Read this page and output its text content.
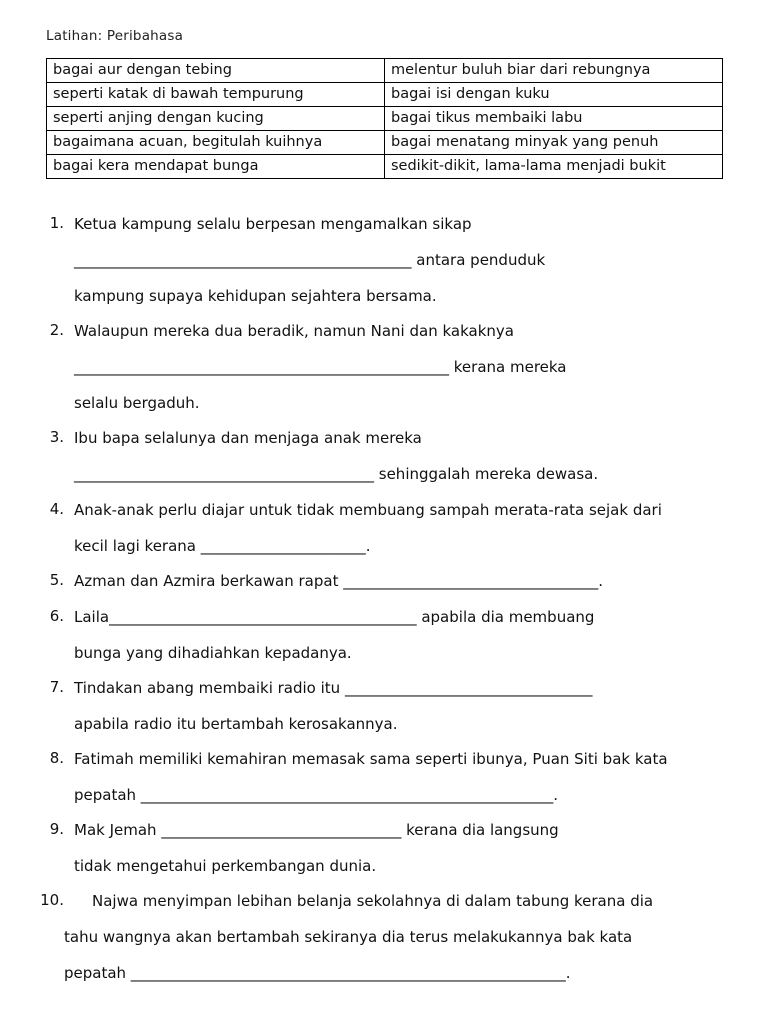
Latihan: Peribahasa
bagai aur dengan tebing	melentur buluh biar dari rebungnya
seperti katak di bawah tempurung	bagai isi dengan kuku
seperti anjing dengan kucing	bagai tikus membaiki labu
bagaimana acuan, begitulah kuihnya	bagai menatang minyak yang penuh
bagai kera mendapat bunga	sedikit-dikit, lama-lama menjadi bukit
1. Ketua kampung selalu berpesan mengamalkan sikap
_____________________________________________ antara penduduk
kampung supaya kehidupan sejahtera bersama.
2. Walaupun mereka dua beradik, namun Nani dan kakaknya
__________________________________________________ kerana mereka
selalu bergaduh.
3. Ibu bapa selalunya dan menjaga anak mereka
________________________________________ sehinggalah mereka dewasa.
4. Anak-anak perlu diajar untuk tidak membuang sampah merata-rata sejak dari
kecil lagi kerana ______________________.
5. Azman dan Azmira berkawan rapat __________________________________.
6. Laila_________________________________________ apabila dia membuang
bunga yang dihadiahkan kepadanya.
7. Tindakan abang membaiki radio itu _________________________________
apabila radio itu bertambah kerosakannya.
8. Fatimah memiliki kemahiran memasak sama seperti ibunya, Puan Siti bak kata
pepatah _______________________________________________________.
9. Mak Jemah ________________________________ kerana dia langsung
tidak mengetahui perkembangan dunia.
10. Najwa menyimpan lebihan belanja sekolahnya di dalam tabung kerana dia
tahu wangnya akan bertambah sekiranya dia terus melakukannya bak kata
pepatah __________________________________________________________.
